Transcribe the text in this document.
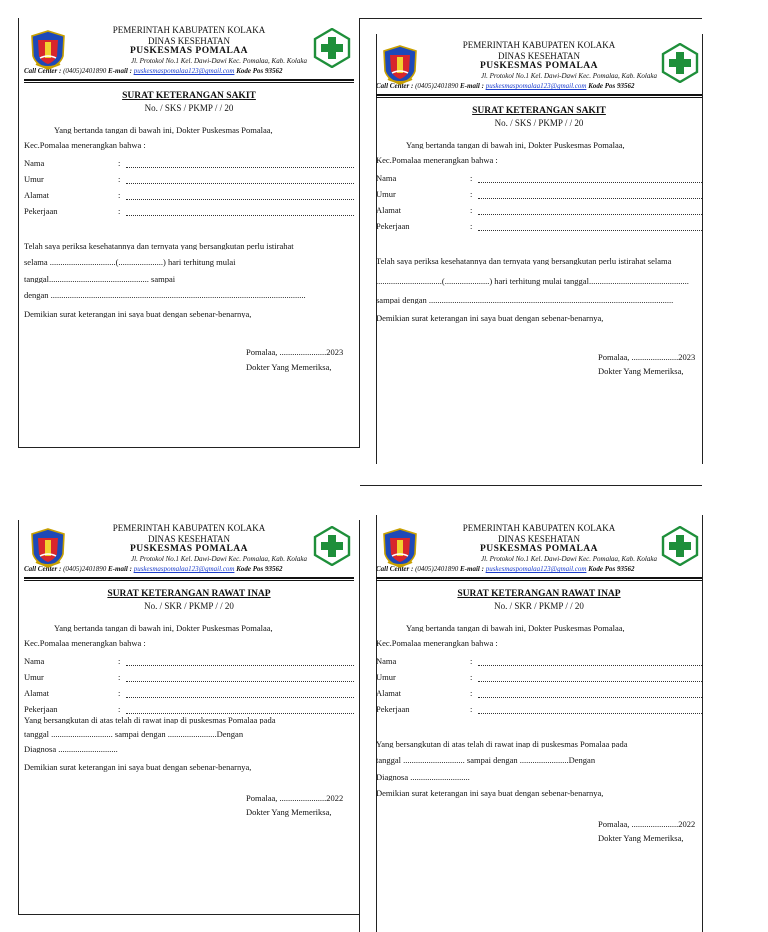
PEMERINTAH KABUPATEN KOLAKA
DINAS KESEHATAN
PUSKESMAS POMALAA
Jl. Protokol No.1 Kel. Dawi-Dawi Kec. Pomalaa, Kab. Kolaka
Call Center : (0405)2401890 E-mail : puskesmaspomalaa123@gmail.com Kode Pos 93562
SURAT KETERANGAN SAKIT
No. / SKS / PKMP / / 20
Yang bertanda tangan di bawah ini, Dokter Puskesmas Pomalaa,
Kec.Pomalaa menerangkan bahwa :
Nama	:
Umur	:
Alamat	:
Pekerjaan	:
Telah saya periksa kesehatannya dan ternyata yang bersangkutan perlu istirahat
selama ...............................(.....................) hari terhitung mulai
tanggal............................................... sampai
dengan ........................................................................................................................
Demikian surat keterangan ini saya buat dengan sebenar-benarnya,
Pomalaa, ......................2023
Dokter Yang Memeriksa,
PEMERINTAH KABUPATEN KOLAKA
DINAS KESEHATAN
PUSKESMAS POMALAA
Jl. Protokol No.1 Kel. Dawi-Dawi Kec. Pomalaa, Kab. Kolaka
Call Center : (0405)2401890 E-mail : puskesmaspomalaa123@gmail.com Kode Pos 93562
SURAT KETERANGAN SAKIT
No. / SKS / PKMP / / 20
Yang bertanda tangan di bawah ini, Dokter Puskesmas Pomalaa,
Kec.Pomalaa menerangkan bahwa :
Nama	:
Umur	:
Alamat	:
Pekerjaan	:
Telah saya periksa kesehatannya dan ternyata yang bersangkutan perlu istirahat selama
...............................(.....................) hari terhitung mulai tanggal...............................................
sampai dengan ...................................................................................................................
Demikian surat keterangan ini saya buat dengan sebenar-benarnya,
Pomalaa, ......................2023
Dokter Yang Memeriksa,
PEMERINTAH KABUPATEN KOLAKA
DINAS KESEHATAN
PUSKESMAS POMALAA
Jl. Protokol No.1 Kel. Dawi-Dawi Kec. Pomalaa, Kab. Kolaka
Call Center : (0405)2401890 E-mail : puskesmaspomalaa123@gmail.com Kode Pos 93562
SURAT KETERANGAN RAWAT INAP
No. / SKR / PKMP / / 20
Yang bertanda tangan di bawah ini, Dokter Puskesmas Pomalaa,
Kec.Pomalaa menerangkan bahwa :
Nama	:
Umur	:
Alamat	:
Pekerjaan	:
Yang bersangkutan di atas telah di rawat inap di puskesmas Pomalaa pada
tanggal ............................. sampai dengan .......................Dengan
Diagnosa ............................
Demikian surat keterangan ini saya buat dengan sebenar-benarnya,
Pomalaa, ......................2022
Dokter Yang Memeriksa,
PEMERINTAH KABUPATEN KOLAKA
DINAS KESEHATAN
PUSKESMAS POMALAA
Jl. Protokol No.1 Kel. Dawi-Dawi Kec. Pomalaa, Kab. Kolaka
Call Center : (0405)2401890 E-mail : puskesmaspomalaa123@gmail.com Kode Pos 93562
SURAT KETERANGAN RAWAT INAP
No. / SKR / PKMP / / 20
Yang bertanda tangan di bawah ini, Dokter Puskesmas Pomalaa,
Kec.Pomalaa menerangkan bahwa :
Nama	:
Umur	:
Alamat	:
Pekerjaan	:
Yang bersangkutan di atas telah di rawat inap di puskesmas Pomalaa pada
tanggal ............................. sampai dengan .......................Dengan
Diagnosa ............................
Demikian surat keterangan ini saya buat dengan sebenar-benarnya,
Pomalaa, ......................2022
Dokter Yang Memeriksa,
